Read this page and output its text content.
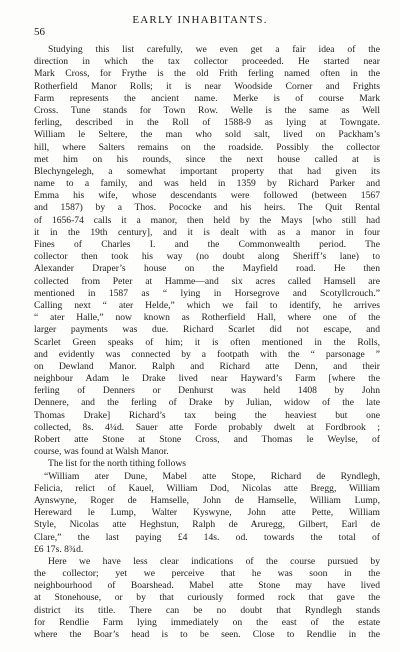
56
EARLY INHABITANTS.
Studying this list carefully, we even get a fair idea of the
direction in which the tax collector proceeded. He started near
Mark Cross, for Frythe is the old Frith ferling named often in the
Rotherfield Manor Rolls; it is near Woodside Corner and Frights
Farm represents the ancient name. Merke is of course Mark
Cross. Tune stands for Town Row. Welle is the same as Well
ferling, described in the Roll of 1588-9 as lying at Towngate.
William le Seltere, the man who sold salt, lived on Packham’s
hill, where Salters remains on the roadside. Possibly the collector
met him on his rounds, since the next house called at is
Blechyngelegh, a somewhat important property that had given its
name to a family, and was held in 1359 by Richard Parker and
Emma his wife, whose descendants were followed (between 1567
and 1587) by a Thos. Pococke and his heirs. The Quit Rental
of 1656-74 calls it a manor, then held by the Mays [who still had
it in the 19th century], and it is dealt with as a manor in four
Fines of Charles I. and the Commonwealth period. The
collector then took his way (no doubt along Sheriff’s lane) to
Alexander Draper’s house on the Mayfield road. He then
collected from Peter at Hamme—and six acres called Hamsell are
mentioned in 1587 as “ lying in Horsegrove and Scotyllcrouch.”
Calling next “ ater Helde,” which we fail to identify, he arrives
“ ater Halle,” now known as Rotherfield Hall, where one of the
larger payments was due. Richard Scarlet did not escape, and
Scarlet Green speaks of him; it is often mentioned in the Rolls,
and evidently was connected by a footpath with the “ parsonage ”
on Dewland Manor. Ralph and Richard atte Denn, and their
neighbour Adam le Drake lived near Hayward’s Farm [where the
ferling of Denners or Denhurst was held 1408 by John
Dennere, and the ferling of Drake by Julian, widow of the late
Thomas Drake] Richard’s tax being the heaviest but one
collected, 8s. 4¼d. Sauer atte Forde probably dwelt at Fordbrook ;
Robert atte Stone at Stone Cross, and Thomas le Weylse, of
course, was found at Walsh Manor.
The list for the north tithing follows
“William ater Dune, Mabel atte Stope, Richard de Ryndlegh,
Felicia, relict of Kauel, William Dod, Nicolas atte Bregg, William
Aynswyne, Roger de Hamselle, John de Hamselle, William Lump,
Hereward le Lump, Walter Kyswyne, John atte Pette, William
Style, Nicolas atte Heghstun, Ralph de Aruregg, Gilbert, Earl de
Clare,” the last paying £4 14s. od. towards the total of
£6 17s. 8¾d.
Here we have less clear indications of the course pursued by
the collector; yet we perceive that he was soon in the
neighbourhood of Boarshead. Mabel atte Stone may have lived
at Stonehouse, or by that curiously formed rock that gave the
district its title. There can be no doubt that Ryndlegh stands
for Rendlie Farm lying immediately on the east of the estate
where the Boar’s head is to be seen. Close to Rendlie in the
